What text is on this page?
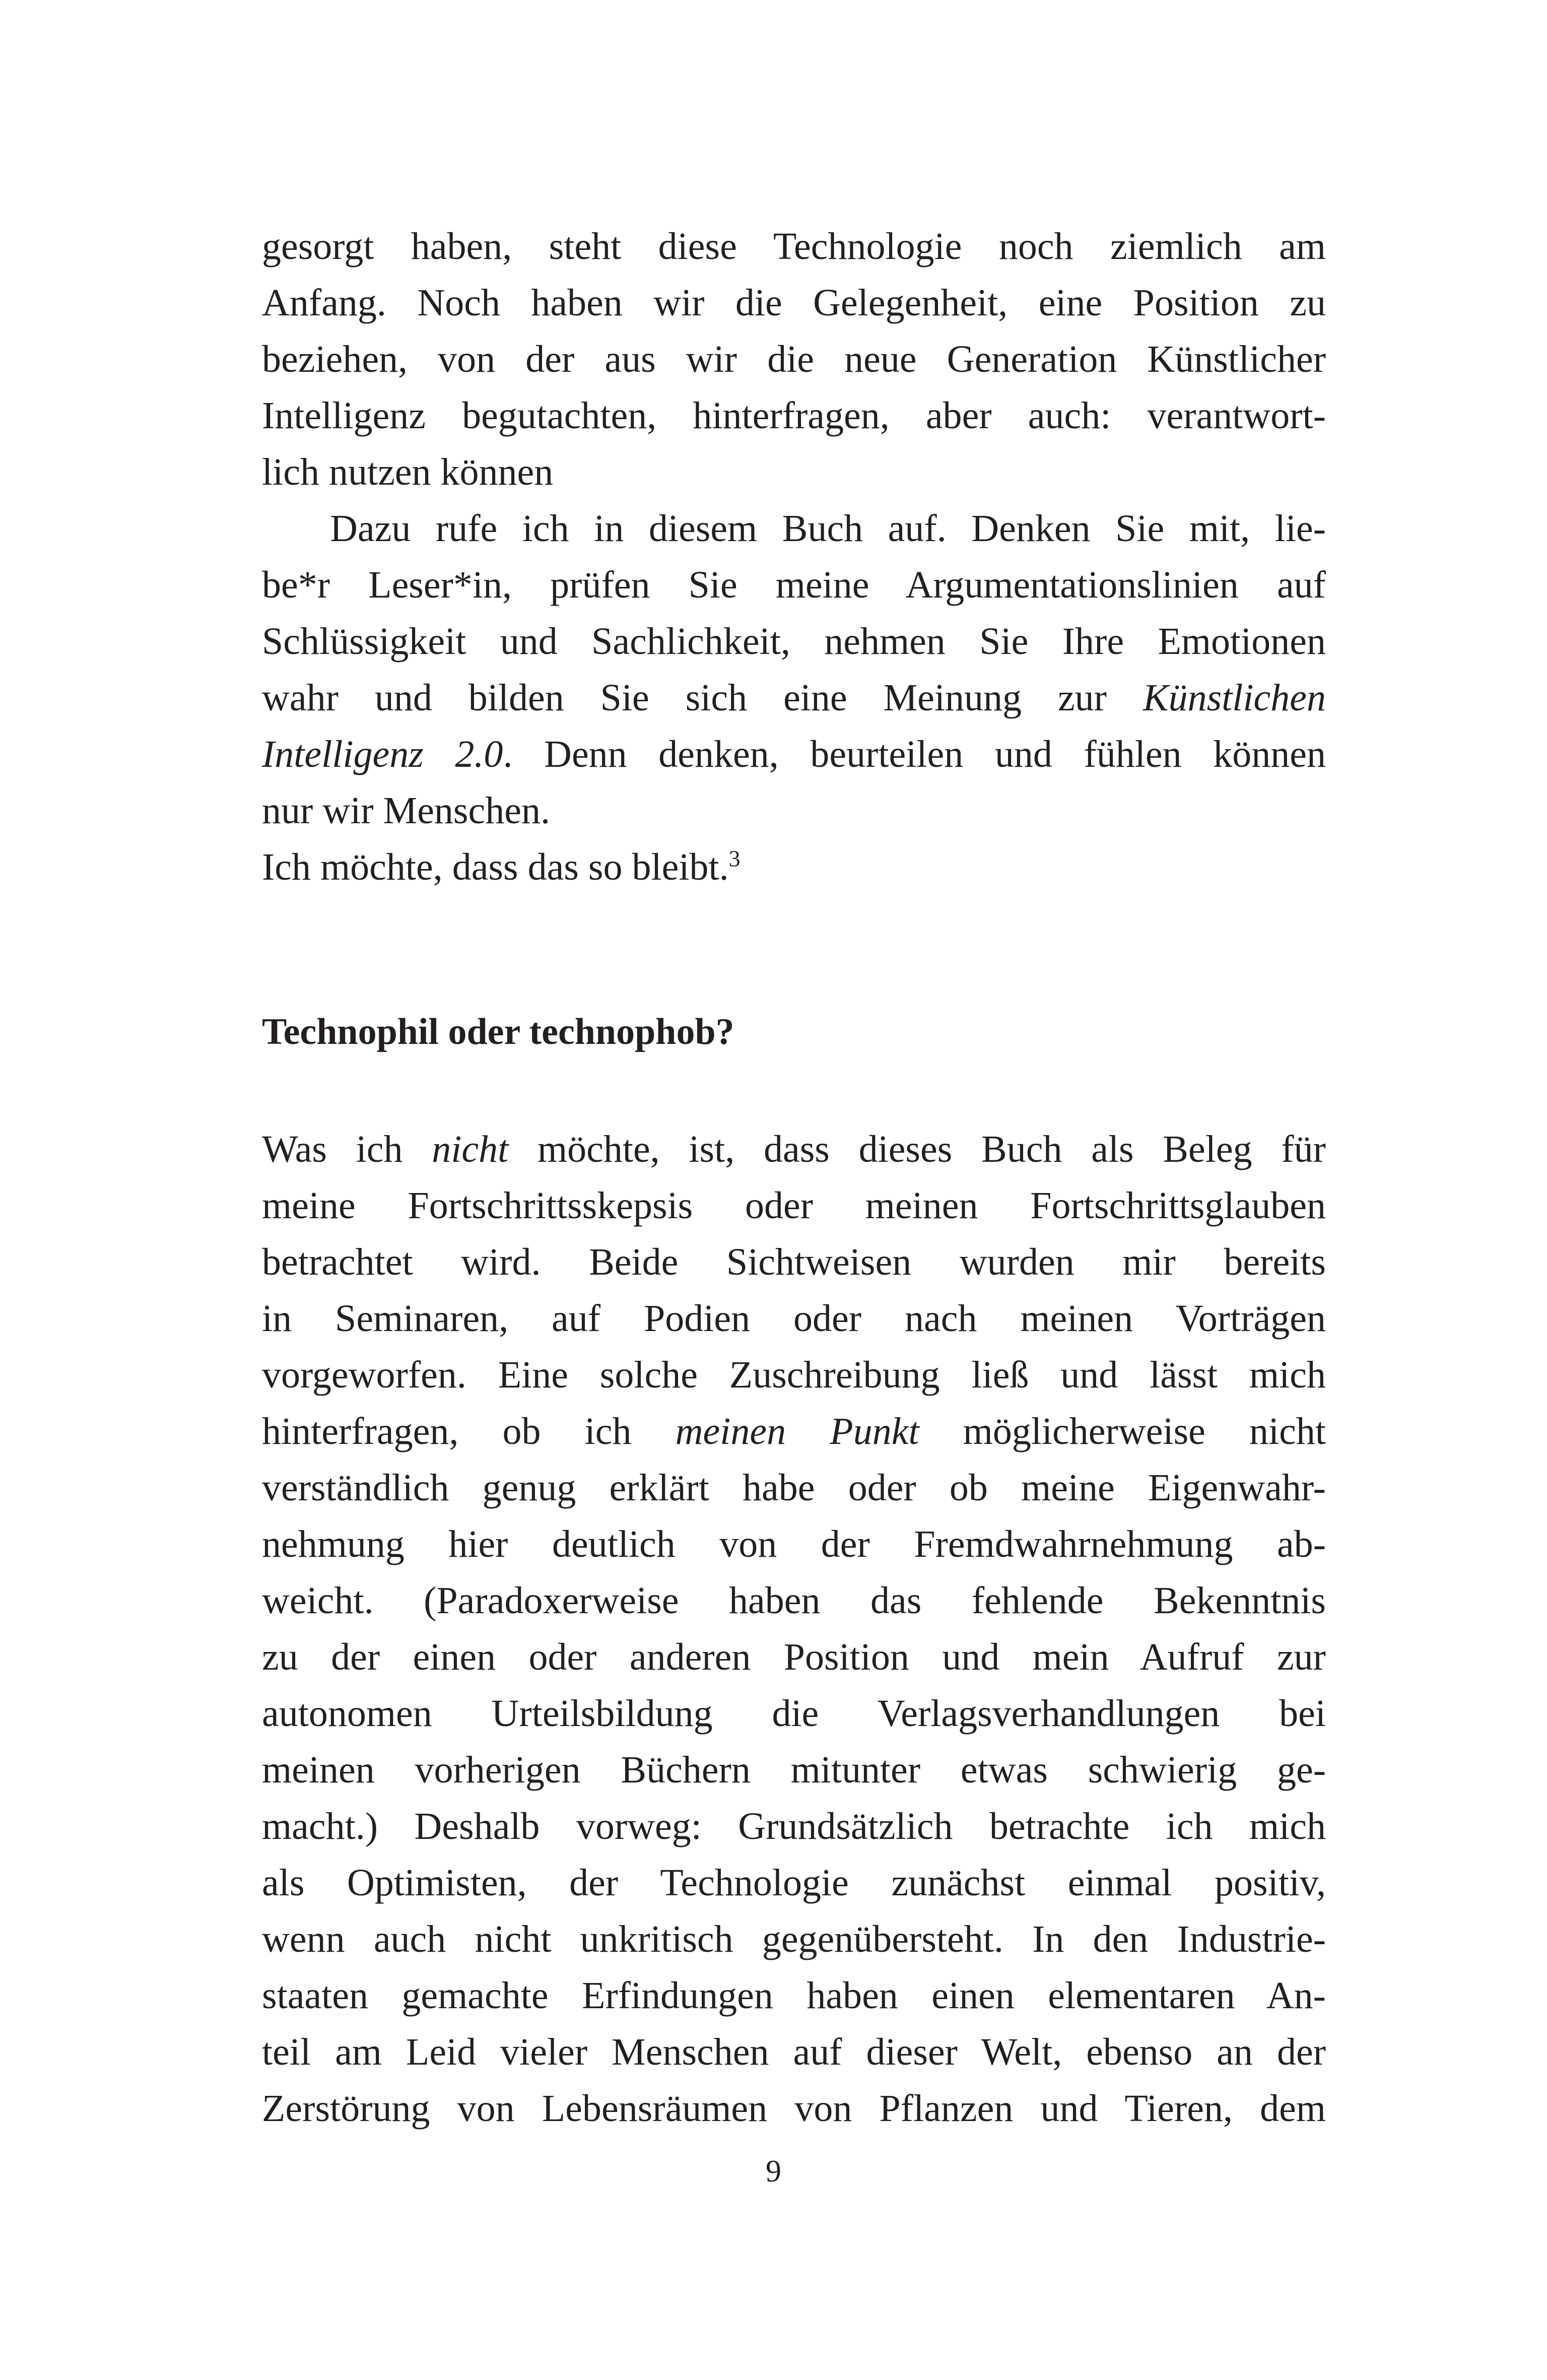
gesorgt haben, steht diese Technologie noch ziemlich am
Anfang. Noch haben wir die Gelegenheit, eine Position zu
beziehen, von der aus wir die neue Generation Künstlicher
Intelligenz begutachten, hinterfragen, aber auch: verantwort-
lich nutzen können
Dazu rufe ich in diesem Buch auf. Denken Sie mit, lie-
be*r Leser*in, prüfen Sie meine Argumentationslinien auf
Schlüssigkeit und Sachlichkeit, nehmen Sie Ihre Emotionen
wahr und bilden Sie sich eine Meinung zur Künstlichen
Intelligenz 2.0. Denn denken, beurteilen und fühlen können
nur wir Menschen.
Ich möchte, dass das so bleibt.$^3$
Technophil oder technophob?
Was ich nicht möchte, ist, dass dieses Buch als Beleg für
meine Fortschrittsskepsis oder meinen Fortschrittsglauben
betrachtet wird. Beide Sichtweisen wurden mir bereits
in Seminaren, auf Podien oder nach meinen Vorträgen
vorgeworfen. Eine solche Zuschreibung ließ und lässt mich
hinterfragen, ob ich meinen Punkt möglicherweise nicht
verständlich genug erklärt habe oder ob meine Eigenwahr-
nehmung hier deutlich von der Fremdwahrnehmung ab-
weicht. (Paradoxerweise haben das fehlende Bekenntnis
zu der einen oder anderen Position und mein Aufruf zur
autonomen Urteilsbildung die Verlagsverhandlungen bei
meinen vorherigen Büchern mitunter etwas schwierig ge-
macht.) Deshalb vorweg: Grundsätzlich betrachte ich mich
als Optimisten, der Technologie zunächst einmal positiv,
wenn auch nicht unkritisch gegenübersteht. In den Industrie-
staaten gemachte Erfindungen haben einen elementaren An-
teil am Leid vieler Menschen auf dieser Welt, ebenso an der
Zerstörung von Lebensräumen von Pflanzen und Tieren, dem
9
